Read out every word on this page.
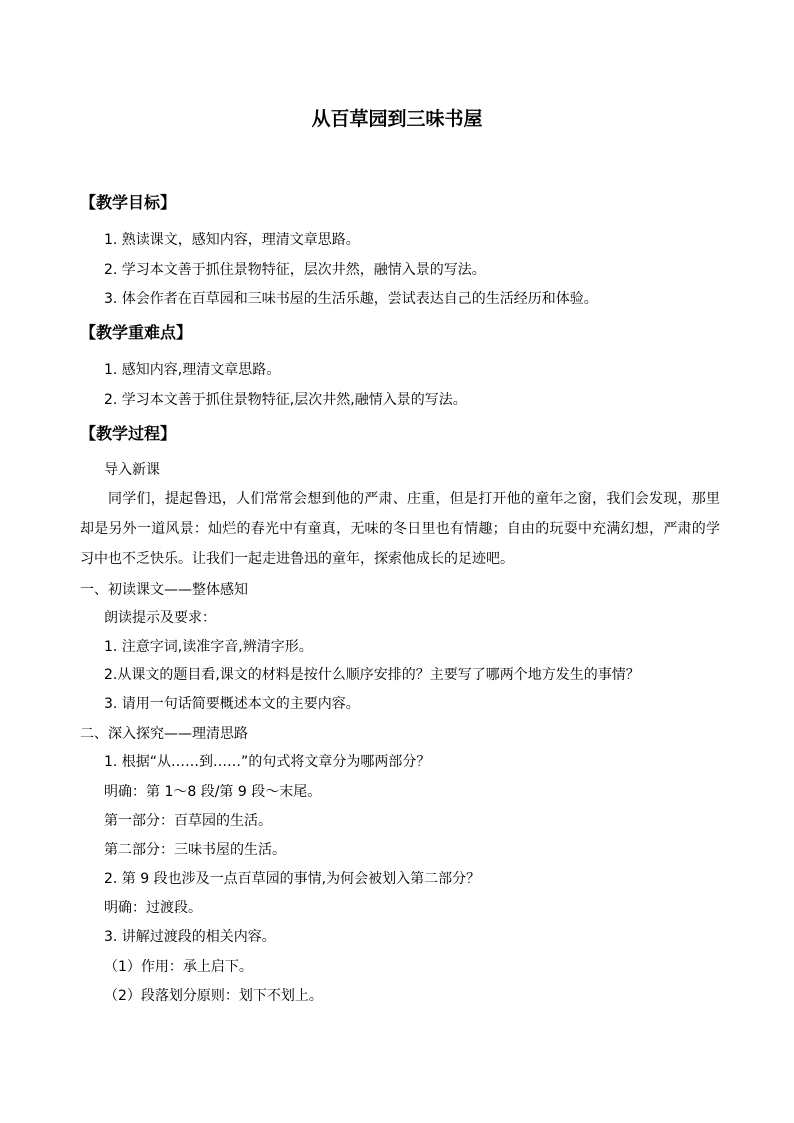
从百草园到三味书屋
【教学目标】
1. 熟读课文，感知内容，理清文章思路。
2. 学习本文善于抓住景物特征，层次井然，融情入景的写法。
3. 体会作者在百草园和三味书屋的生活乐趣，尝试表达自己的生活经历和体验。
【教学重难点】
1. 感知内容,理清文章思路。
2. 学习本文善于抓住景物特征,层次井然,融情入景的写法。
【教学过程】
导入新课
同学们，提起鲁迅，人们常常会想到他的严肃、庄重，但是打开他的童年之窗，我们会发现，那里却是另外一道风景：灿烂的春光中有童真，无味的冬日里也有情趣；自由的玩耍中充满幻想，严肃的学习中也不乏快乐。让我们一起走进鲁迅的童年，探索他成长的足迹吧。
一、初读课文——整体感知
朗读提示及要求：
1. 注意字词,读准字音,辨清字形。
2.从课文的题目看,课文的材料是按什么顺序安排的？主要写了哪两个地方发生的事情？
3. 请用一句话简要概述本文的主要内容。
二、深入探究——理清思路
1. 根据“从……到……”的句式将文章分为哪两部分？
明确：第 1～8 段/第 9 段～末尾。
第一部分：百草园的生活。
第二部分：三味书屋的生活。
2. 第 9 段也涉及一点百草园的事情,为何会被划入第二部分？
明确：过渡段。
3. 讲解过渡段的相关内容。
（1）作用：承上启下。
（2）段落划分原则：划下不划上。
